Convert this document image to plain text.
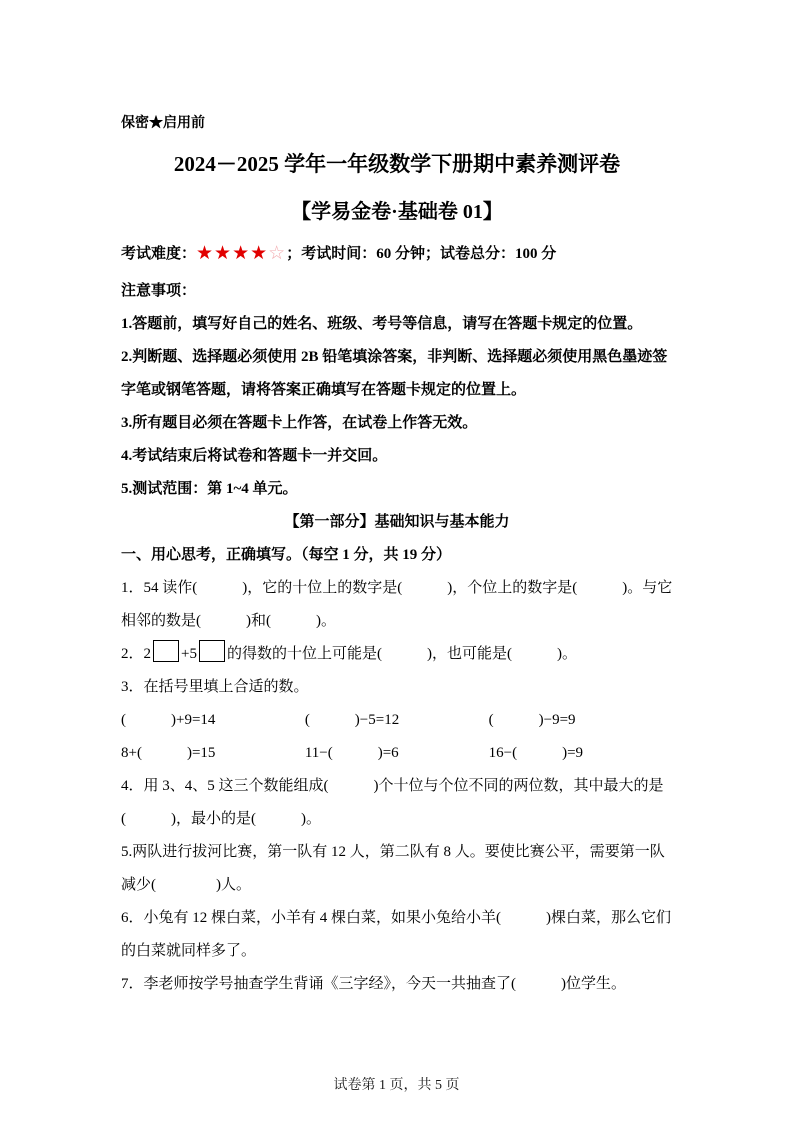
保密★启用前

2024－2025 学年一年级数学下册期中素养测评卷
【学易金卷·基础卷 01】

考试难度：★★★★☆；考试时间：60 分钟；试卷总分：100 分

注意事项：

1.答题前，填写好自己的姓名、班级、考号等信息，请写在答题卡规定的位置。

2.判断题、选择题必须使用 2B 铅笔填涂答案，非判断、选择题必须使用黑色墨迹签字笔或钢笔答题，请将答案正确填写在答题卡规定的位置上。

3.所有题目必须在答题卡上作答，在试卷上作答无效。

4.考试结束后将试卷和答题卡一并交回。

5.测试范围：第 1~4 单元。

【第一部分】基础知识与基本能力

一、用心思考，正确填写。（每空 1 分，共 19 分）

1．54 读作(　　　)，它的十位上的数字是(　　　)，个位上的数字是(　　　)。与它相邻的数是(　　　)和(　　　)。

2．2 +5 的得数的十位上可能是(　　　)，也可能是(　　　)。

3．在括号里填上合适的数。

(　　　)+9=14	(　　　)−5=12	(　　　)−9=9
8+(　　　)=15	11−(　　　)=6	16−(　　　)=9

4．用 3、4、5 这三个数能组成(　　　)个十位与个位不同的两位数，其中最大的是(　　　)，最小的是(　　　)。

5.两队进行拔河比赛，第一队有 12 人，第二队有 8 人。要使比赛公平，需要第一队减少(　　　　)人。

6．小兔有 12 棵白菜，小羊有 4 棵白菜，如果小兔给小羊(　　　)棵白菜，那么它们的白菜就同样多了。

7．李老师按学号抽查学生背诵《三字经》，今天一共抽查了(　　　)位学生。

试卷第 1 页，共 5 页
